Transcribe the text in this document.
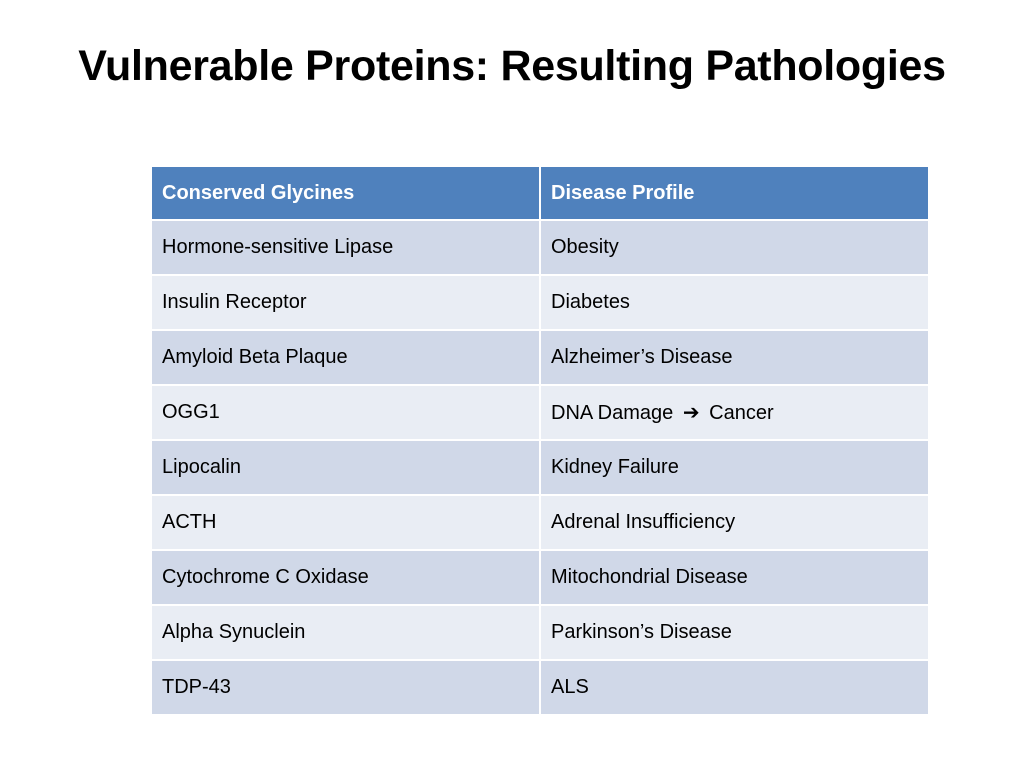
Vulnerable Proteins: Resulting Pathologies
Conserved Glycines	Disease Profile
Hormone-sensitive Lipase	Obesity
Insulin Receptor	Diabetes
Amyloid Beta Plaque	Alzheimer’s Disease
OGG1	DNA Damage ➔ Cancer
Lipocalin	Kidney Failure
ACTH	Adrenal Insufficiency
Cytochrome C Oxidase	Mitochondrial Disease
Alpha Synuclein	Parkinson’s Disease
TDP-43	ALS
